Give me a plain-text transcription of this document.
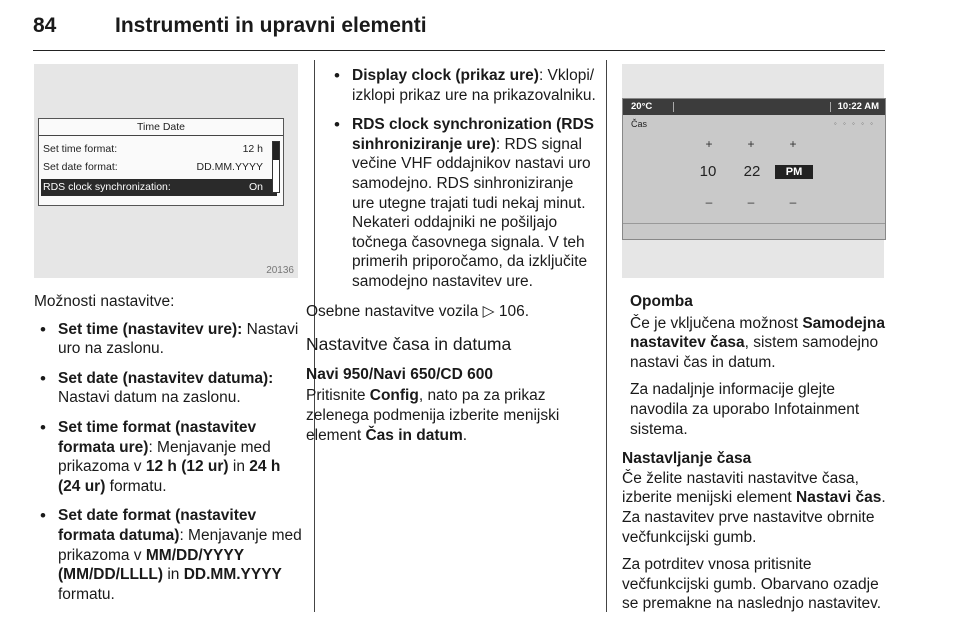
84	Instrumenti in upravni elementi
Time Date
Set time format:	12 h
Set date format:	DD.MM.YYYY
RDS clock synchronization:	On
20136

Možnosti nastavitve:

• Set time (nastavitev ure): Nastavi uro na zaslonu.
• Set date (nastavitev datuma): Nastavi datum na zaslonu.
• Set time format (nastavitev formata ure): Menjavanje med prikazoma v 12 h (12 ur) in 24 h (24 ur) formatu.
• Set date format (nastavitev formata datuma): Menjavanje med prikazoma v MM/DD/YYYY (MM/DD/LLLL) in DD.MM.YYYY formatu.
• Display clock (prikaz ure): Vklopi/ izklopi prikaz ure na prikazovalniku.
• RDS clock synchronization (RDS sinhroniziranje ure): RDS signal večine VHF oddajnikov nastavi uro samodejno. RDS sinhroniziranje ure utegne trajati tudi nekaj minut. Nekateri oddajniki ne pošiljajo točnega časovnega signala. V teh primerih priporočamo, da izključite samodejno nastavitev ure.

Osebne nastavitve vozila ▷ 106.

Nastavitve časa in datuma
Navi 950/Navi 650/CD 600

Pritisnite Config, nato pa za prikaz zelenega podmenija izberite menijski element Čas in datum.

20°C	10:22 AM
Čas	◦ ◦ ◦ ◦ ◦
+	+	+
10	22	PM
–	–	–
Opomba

Če je vključena možnost Samodejna nastavitev časa, sistem samodejno nastavi čas in datum.

Za nadaljnje informacije glejte navodila za uporabo Infotainment sistema.

Nastavljanje časa

Če želite nastaviti nastavitve časa, izberite menijski element Nastavi čas. Za nastavitev prve nastavitve obrnite večfunkcijski gumb.

Za potrditev vnosa pritisnite večfunkcijski gumb. Obarvano ozadje se premakne na naslednjo nastavitev.
